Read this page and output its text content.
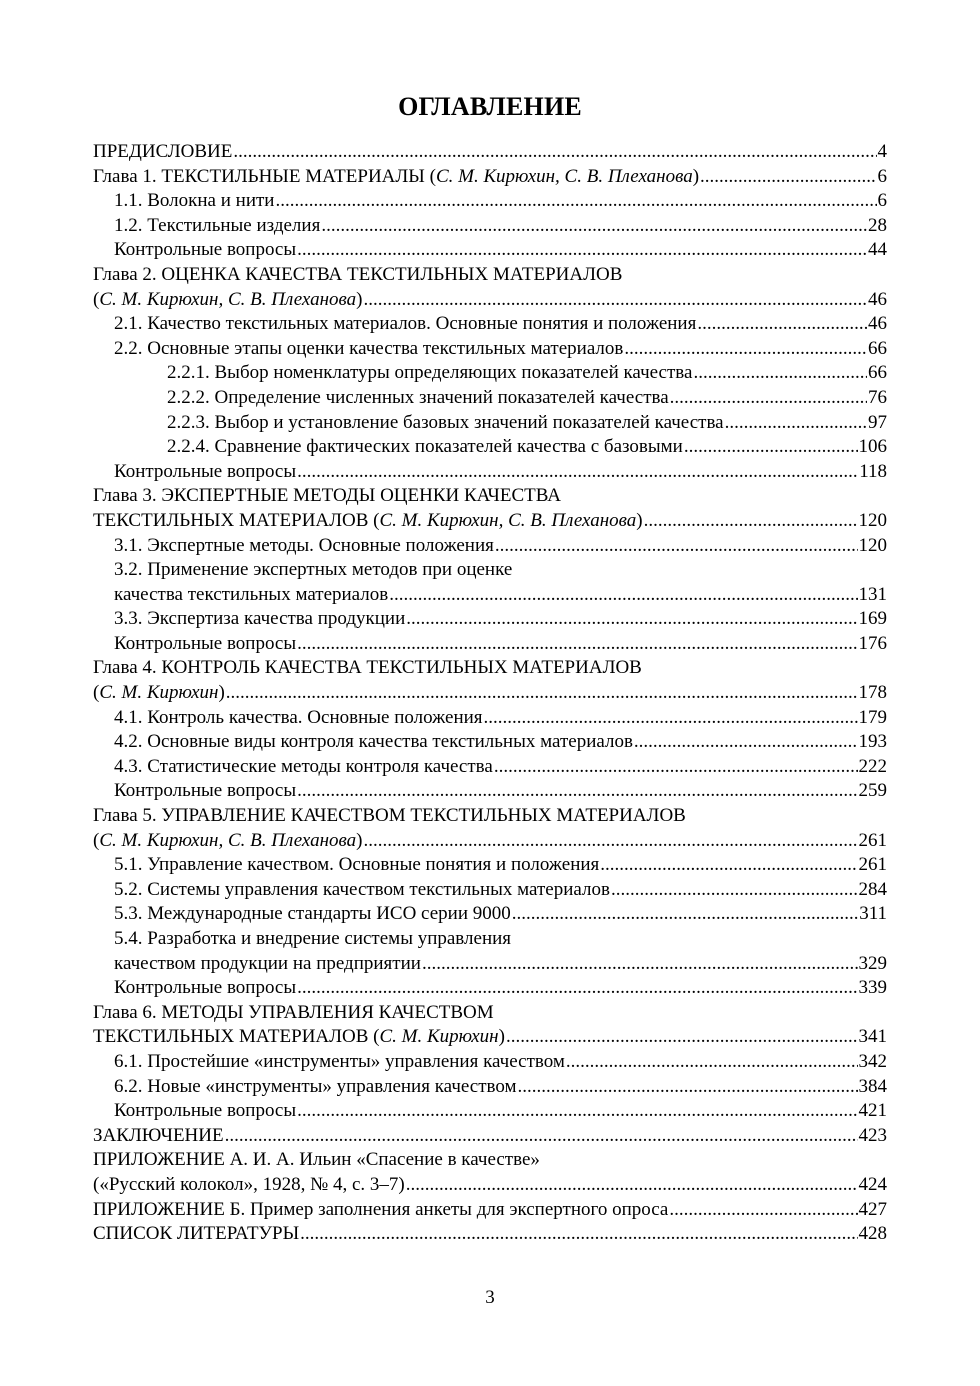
ОГЛАВЛЕНИЕ
ПРЕДИСЛОВИЕ .....	4
Глава 1. ТЕКСТИЛЬНЫЕ МАТЕРИАЛЫ (С. М. Кирюхин, С. В. Плеханова) .....	6
1.1. Волокна и нити .....	6
1.2. Текстильные изделия .....	28
Контрольные вопросы .....	44
Глава 2. ОЦЕНКА КАЧЕСТВА ТЕКСТИЛЬНЫХ МАТЕРИАЛОВ
(С. М. Кирюхин, С. В. Плеханова) .....	46
2.1. Качество текстильных материалов. Основные понятия и положения .....	46
2.2. Основные этапы оценки качества текстильных материалов .....	66
2.2.1. Выбор номенклатуры определяющих показателей качества .....	66
2.2.2. Определение численных значений показателей качества .....	76
2.2.3. Выбор и установление базовых значений показателей качества .....	97
2.2.4. Сравнение фактических показателей качества с базовыми .....	106
Контрольные вопросы .....	118
Глава 3. ЭКСПЕРТНЫЕ МЕТОДЫ ОЦЕНКИ КАЧЕСТВА
ТЕКСТИЛЬНЫХ МАТЕРИАЛОВ (С. М. Кирюхин, С. В. Плеханова) .....	120
3.1. Экспертные методы. Основные положения .....	120
3.2. Применение экспертных методов при оценке
качества текстильных материалов .....	131
3.3. Экспертиза качества продукции .....	169
Контрольные вопросы .....	176
Глава 4. КОНТРОЛЬ КАЧЕСТВА ТЕКСТИЛЬНЫХ МАТЕРИАЛОВ
(С. М. Кирюхин) .....	178
4.1. Контроль качества. Основные положения .....	179
4.2. Основные виды контроля качества текстильных материалов .....	193
4.3. Статистические методы контроля качества .....	222
Контрольные вопросы .....	259
Глава 5. УПРАВЛЕНИЕ КАЧЕСТВОМ ТЕКСТИЛЬНЫХ МАТЕРИАЛОВ
(С. М. Кирюхин, С. В. Плеханова) .....	261
5.1. Управление качеством. Основные понятия и положения .....	261
5.2. Системы управления качеством текстильных материалов .....	284
5.3. Международные стандарты ИСО серии 9000 .....	311
5.4. Разработка и внедрение системы управления
качеством продукции на предприятии .....	329
Контрольные вопросы .....	339
Глава 6. МЕТОДЫ УПРАВЛЕНИЯ КАЧЕСТВОМ
ТЕКСТИЛЬНЫХ МАТЕРИАЛОВ (С. М. Кирюхин) .....	341
6.1. Простейшие «инструменты» управления качеством .....	342
6.2. Новые «инструменты» управления качеством .....	384
Контрольные вопросы .....	421
ЗАКЛЮЧЕНИЕ .....	423
ПРИЛОЖЕНИЕ А. И. А. Ильин «Спасение в качестве»
(«Русский колокол», 1928, № 4, с. 3–7) .....	424
ПРИЛОЖЕНИЕ Б. Пример заполнения анкеты для экспертного опроса .....	427
СПИСОК ЛИТЕРАТУРЫ .....	428
3
